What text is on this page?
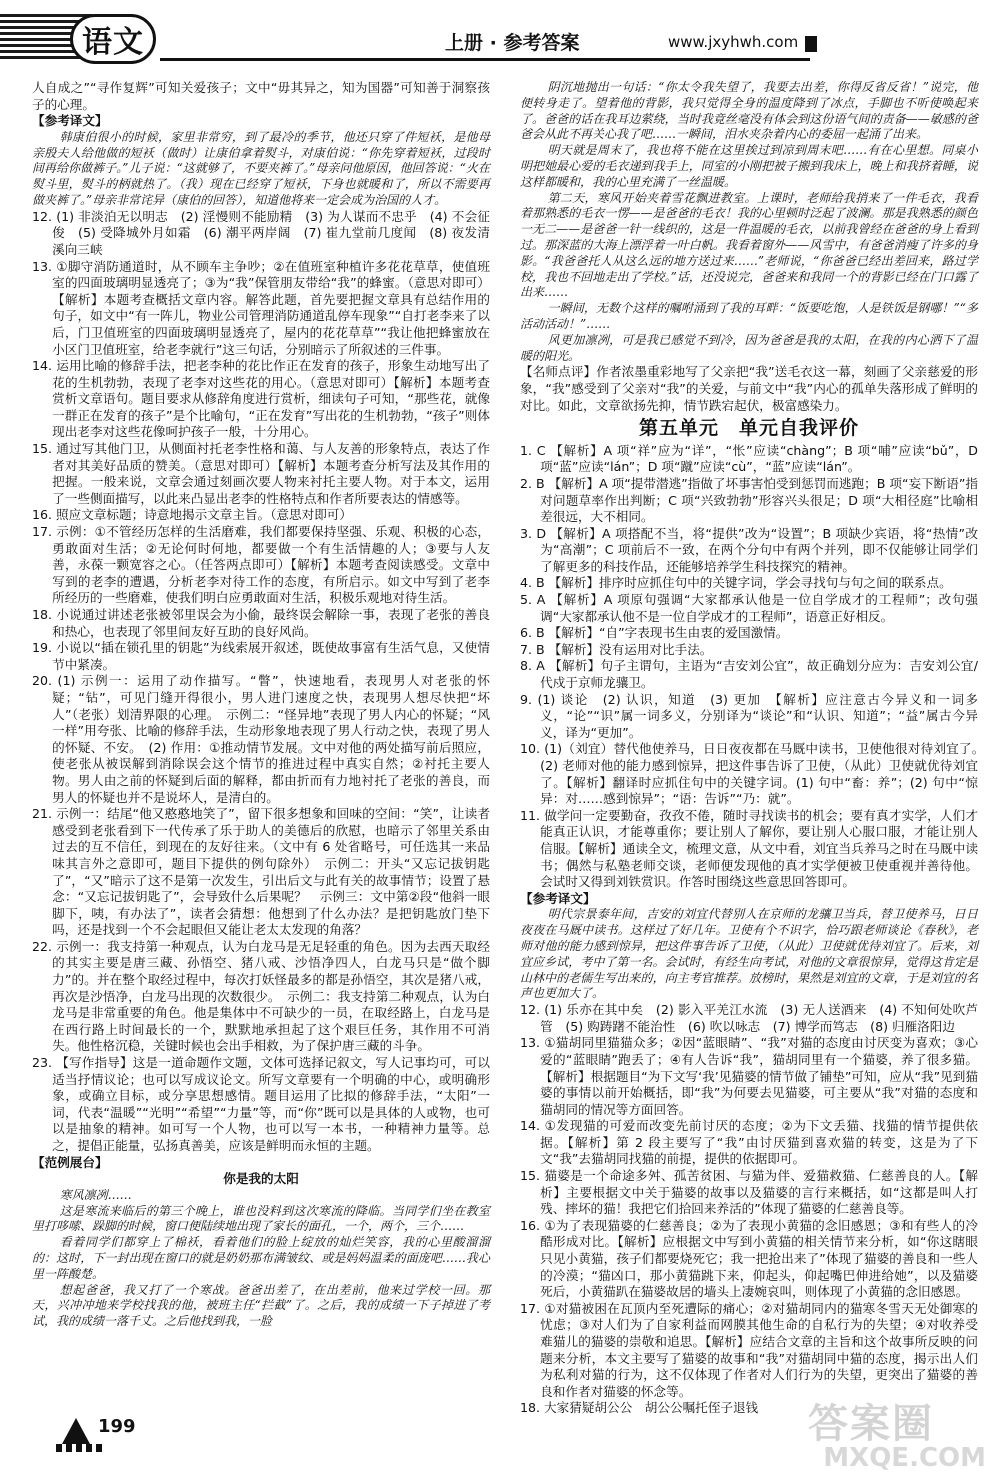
语文	上册 · 参考答案	www.jxyhwh.com

人自成之”“寻作复辉”可知关爱孩子；文中“毋其异之，知为国器”可知善于洞察孩子的心理。

【参考译文】

韩康伯很小的时候，家里非常穷，到了最冷的季节，他还只穿了件短袄，是他母亲殷夫人给他做的短袄（做时）让康伯拿着熨斗，对康伯说：“你先穿着短袄，过段时间再给你做裤子。”儿子说：“这就够了，不要夹裤了。”母亲问他原因，他回答说：“火在熨斗里，熨斗的柄就热了。（我）现在已经穿了短袄，下身也就暖和了，所以不需要再做夹裤了。”母亲非常诧异（康伯的回答），知道他将来一定会成为治国的人才。

12. (1) 非淡泊无以明志　(2) 淫慢则不能励精　(3) 为人谋而不忠乎　(4) 不会征俊　(5) 受降城外月如霜　(6) 潮平两岸阔　(7) 崔九堂前几度闻　(8) 夜发清溪向三峡

13. ①脚守消防通道时，从不顾车主争吵；②在值班室种植许多花花草草，使值班室的四面玻璃明显透亮了；③为“我”保管朋友带给“我”的蜂蜜。（意思对即可）【解析】本题考查概括文章内容。解答此题，首先要把握文章具有总结作用的句子，如文中“有一阵儿，物业公司管理消防通道乱停车现象”“自打老李来了以后，门卫值班室的四面玻璃明显透亮了，屋内的花花草草”“我让他把蜂蜜放在小区门卫值班室，给老李就行”这三句话，分别暗示了所叙述的三件事。

14. 运用比喻的修辞手法，把老李种的花比作正在发育的孩子，形象生动地写出了花的生机勃勃，表现了老李对这些花的用心。（意思对即可）【解析】本题考查赏析文章语句。题目要求从修辞角度进行赏析，细读句子可知，“那些花，就像一群正在发育的孩子”是个比喻句，“正在发育”写出花的生机勃勃，“孩子”则体现出老李对这些花像呵护孩子一般，十分用心。

15. 通过写其他门卫，从侧面衬托老李性格和蔼、与人友善的形象特点，表达了作者对其美好品质的赞美。（意思对即可）【解析】本题考查分析写法及其作用的把握。一般来说，文章会通过刻画次要人物来衬托主要人物。对于本文，运用了一些侧面描写，以此来凸显出老李的性格特点和作者所要表达的情感等。

16. 照应文章标题；诗意地揭示文章主旨。（意思对即可）

17. 示例：①不管经历怎样的生活磨难，我们都要保持坚强、乐观、积极的心态，勇敢面对生活；②无论何时何地，都要做一个有生活情趣的人；③要与人友善，永葆一颗宽容之心。（任答两点即可）【解析】本题考查阅读感受。文章中写到的老李的遭遇，分析老李对待工作的态度，有所启示。如文中写到了老李所经历的一些磨难，使我们明白应勇敢面对生活，积极乐观地对待生活。

18. 小说通过讲述老张被邻里误会为小偷，最终误会解除一事，表现了老张的善良和热心，也表现了邻里间友好互助的良好风尚。

19. 小说以“插在锁孔里的钥匙”为线索展开叙述，既使故事富有生活气息，又使情节中紧凑。

20. (1) 示例一：运用了动作描写。“瞥”，快速地看，表现男人对老张的怀疑；“钻”，可见门缝开得很小，男人进门速度之快，表现男人想尽快把“坏人”（老张）划清界限的心理。　示例二：“怪异地”表现了男人内心的怀疑；“风一样”用夸张、比喻的修辞手法，生动形象地表现了男人行动之快，表现了男人的怀疑、不安。　(2) 作用：①推动情节发展。文中对他的两处描写前后照应，使老张从被误解到消除误会这个情节的推进过程中真实自然；②衬托主要人物。男人由之前的怀疑到后面的解释，都由折而有力地衬托了老张的善良，而男人的怀疑也并不是说坏人，是清白的。

21. 示例一：结尾“他又憨憨地笑了”，留下很多想象和回味的空间：“笑”，让读者感受到老张看到下一代传承了乐于助人的美德后的欣慰，也暗示了邻里关系由过去的互不信任，到现在的友好往来。（文中有 6 处省略号，可任选其一来品味其言外之意即可，题目下提供的例句除外）　示例二：开头“又忘记拔钥匙了”，“又”暗示了这不是第一次发生，引出后文与此有关的故事情节；设置了悬念：“又忘记拔钥匙了”，会导致什么后果呢？　示例三：文中第②段“他斜一眼脚下，咦，有办法了”，读者会猜想：他想到了什么办法？是把钥匙放门垫下吗，还是找到一个不会起眼但又能让老太太发现的角落？

22. 示例一：我支持第一种观点，认为白龙马是无足轻重的角色。因为去西天取经的其实主要是唐三藏、孙悟空、猪八戒、沙悟净四人，白龙马只是“做个脚力”的。并在整个取经过程中，每次打妖怪最多的都是孙悟空，其次是猪八戒，再次是沙悟净，白龙马出现的次数很少。　示例二：我支持第二种观点，认为白龙马是非常重要的角色。他是集体中不可缺少的一员，在取经路上，白龙马是在西行路上时间最长的一个，默默地承担起了这个艰巨任务，其作用不可消失。他性格沉稳，关键时候也会出手相救，为了保护唐三藏的斗争。

23. 【写作指导】这是一道命题作文题，文体可选择记叙文，写人记事均可，可以适当抒情议论；也可以写成议论文。所写文章要有一个明确的中心，或明确形象，或确立目标，或分享思想感情。题目运用了比拟的修辞手法，“太阳”一词，代表“温暖”“光明”“希望”“力量”等，而“你”既可以是具体的人或物，也可以是抽象的精神。如可写一个人物，也可以写一本书，一种精神力量等。总之，提倡正能量，弘扬真善美，应该是鲜明而永恒的主题。

【范例展台】

你是我的太阳

寒风凛冽……

这是寒流来临后的第三个晚上，谁也没料到这次寒流的降临。当同学们坐在教室里打哆嗦、跺脚的时候，窗口便陆续地出现了家长的面孔，一个，两个，三个……

看着同学们都穿上了棉袄，看着他们的脸上绽放的灿烂笑容，我的心里酸溜溜的：这时，下一封出现在窗口的就是奶奶那布满皱纹、或是妈妈温柔的面庞吧……我心里一阵酸楚。

想起爸爸，我又打了一个寒战。爸爸出差了，在出差前，他来过学校一回。那天，兴冲冲地来学校找我的他，被班主任“拦截”了。之后，我的成绩一下子掉进了考试，我的成绩一落千丈。之后他找到我，一脸

阴沉地抛出一句话：“你太令我失望了，我要去出差，你得反省反省！”说完，他便转身走了。望着他的背影，我只觉得全身的温度降到了冰点，手脚也不听使唤起来了。爸爸的话在我耳边萦绕，当时我竟丝毫没有体会到这份语气间的责备——敏感的爸爸会从此不再关心我了吧……一瞬间，泪水夹杂着内心的委屈一起涌了出来。

明天就是周末了，我也将不能在这里挨过到凉到周末吧……有在心里想。同桌小明把她最心爱的毛衣递到我手上，同室的小刚把被子搬到我床上，晚上和我挤着睡，说这样都暖和，我的心里充满了一丝温暖。

第二天，寒风开始夹着雪花飘进教室。上课时，老师给我捎来了一件毛衣，我看着那熟悉的毛衣一愣——是爸爸的毛衣！我的心里顿时泛起了波澜。那是我熟悉的颜色一无二——是爸爸一针一线织的，这是一件温暖的毛衣，以前我曾经在爸爸的身上看到过。那深蓝的大海上漂浮着一叶白帆。我看着窗外——风雪中，有爸爸消瘦了许多的身影。“我爸爸托人从这么远的地方送过来……”老师说，“你爸爸已经出差回来，路过学校，我也不回地走出了学校。”话，还没说完，爸爸来和我同一个的背影已经在门口露了出来……

一瞬间，无数个这样的嘱咐涌到了我的耳畔：“饭要吃饱，人是铁饭是钢哪！”“多活动活动！”……

风更加凛冽，可是我已感觉不到冷，因为爸爸是我的太阳，在我的内心洒下了温暖的阳光。

【名师点评】作者浓墨重彩地写了父亲把“我”送毛衣这一幕，刻画了父亲慈爱的形象，“我”感受到了父亲对“我”的关爱，与前文中“我”内心的孤单失落形成了鲜明的对比。如此，文章欲扬先抑，情节跌宕起伏，极富感染力。

第五单元　单元自我评价

1. C 【解析】A 项“祥”应为“详”，“怅”应读“chàng”；B 项“哺”应读“bǔ”，D 项“蓝”应读“lán”；D 项“蹴”应读“cù”，“蓝”应读“lán”。

2. B 【解析】A 项“提带潜逃”指做了坏事害怕受到惩罚而逃跑；B 项“妄下断语”指对问题草率作出判断；C 项“兴致勃勃”形容兴头很足；D 项“大相径庭”比喻相差很远，大不相同。

3. D 【解析】A 项搭配不当，将“提供”改为“设置”；B 项缺少宾语，将“热情”改为“高潮”；C 项前后不一致，在两个分句中有两个并列，即不仅能够让同学们了解更多的科技作品，还能够培养学生科技探究的精神。

4. B 【解析】排序时应抓住句中的关键字词，学会寻找句与句之间的联系点。

5. A 【解析】A 项原句强调“大家都承认他是一位自学成才的工程师”；改句强调“大家都承认他不是一位自学成才的工程师”，语意正好相反。

6. B 【解析】“自”字表现书生由衷的爱国激情。

7. B 【解析】没有运用对比手法。

8. A 【解析】句子主谓句，主语为“吉安刘公宜”，故正确划分应为：吉安刘公宜/代戍于京师龙骧卫。

9. (1) 谈论　(2) 认识，知道　(3) 更加　【解析】应注意古今异义和一词多义，“论”“识”属一词多义，分别译为“谈论”和“认识、知道”；“益”属古今异义，译为“更加”。

10. (1)（刘宜）替代他使养马，日日夜夜都在马厩中读书，卫使他很对待刘宜了。　(2) 老师对他的能力感到惊异，把这件事告诉了卫使，（从此）卫使就优待刘宜了。【解析】翻译时应抓住句中的关键字词。(1) 句中“畜：养”；(2) 句中“惊异：对……感到惊异”；“语：告诉”“乃：就”。

11. 做学问一定要勤奋，孜孜不倦，随时寻找读书的机会；要有真才实学，人们才能真正认识，才能尊重你；要让别人了解你，要让别人心服口服，才能让别人信服。【解析】通读全文，梳理文意，从文中看，刘宜当兵养马之时在马厩中读书；偶然与私塾老师交谈，老师便发现他的真才实学便被卫使重视并善待他。会试时又得到刘铁赏识。作答时围绕这些意思回答即可。

【参考译文】

明代宗景泰年间，吉安的刘宜代替别人在京师的龙骧卫当兵，替卫使养马，日日夜夜在马厩中读书。这样过了好几年。卫使有个不识字，恰巧跟老师谈论《春秋》，老师对他的能力感到惊异，把这件事告诉了卫使，（从此）卫使就优待刘宜了。后来，刘宜应乡试，考中了第一名。会试时，有经生向考试，对他的文章很惊异，觉得这肯定是山林中的老儒生写出来的，向主考官推荐。放榜时，果然是刘宜的文章，于是刘宜的名声也更加大了。

12. (1) 乐亦在其中矣　(2) 影入平羌江水流　(3) 无人送酒来　(4) 不知何处吹芦管　(5) 购踌躇不能治性　(6) 吹以咏志　(7) 博学而笃志　(8) 归雁洛阳边

13. ①猫胡同里猫猫众多；②因“蓝眼睛”、“我”对猫的态度由讨厌变为喜欢；③心爱的“蓝眼睛”跑丢了；④有人告诉“我”，猫胡同里有一个猫婆，养了很多猫。【解析】根据题目“为下文写‘我’见猫婆的情节做了铺垫”可知，应从“我”见到猫婆的事情以前开始概括，即“我”为何要去见猫婆，可主要从“我”对猫的态度和猫胡同的情况等方面回答。

14. ①发现猫的可爱而改变先前讨厌的态度；②为下文丢猫、找猫的情节提供依据。【解析】第 2 段主要写了“我”由讨厌猫到喜欢猫的转变，这是为了下文“我”去猫胡同找猫的前提，提供的依据即可。

15. 猫婆是一个命途多舛、孤苦贫困、与猫为伴、爱猫救猫、仁慈善良的人。【解析】主要根据文中关于猫婆的故事以及猫婆的言行来概括，如“这都是叫人打残、摔坏的猫！我把它们拾回来养活的”体现了猫婆的仁慈善良等。

16. ①为了表现猫婆的仁慈善良；②为了表现小黄猫的念旧感恩；③和有些人的冷酷形成对比。【解析】应根据文中写到小黄猫的相关情节来分析，如“你这瞎眼只见小黄猫，孩子们都要烧死它；我一把抢出来了”体现了猫婆的善良和一些人的冷漠；“猫凶口，那小黄猫跳下来，仰起头，仰起嘴巴伸进给她”，以及猫婆死后，小黄猫趴在猫婆故居的墙头上凄婉哀叫，则体现了小黄猫的念旧感恩。

17. ①对猫被困在瓦顶内至死遭际的痛心；②对猫胡同内的猫寒冬雪天无处御寒的忧虑；③对人们为了自家利益而网膜其他生命的自私行为的失望；④对收养受难猫儿的猫婆的崇敬和追思。【解析】应结合文章的主旨和这个故事所反映的问题来分析，本文主要写了猫婆的故事和“我”对猫胡同中猫的态度，揭示出人们为私利对猫的行为，这不仅体现了作者对人们行为的失望，更突出了猫婆的善良和作者对猫婆的怀念等。

18. 大家猜疑胡公公　胡公公嘱托侄子退钱

199	答案圈
MXQE.COM
